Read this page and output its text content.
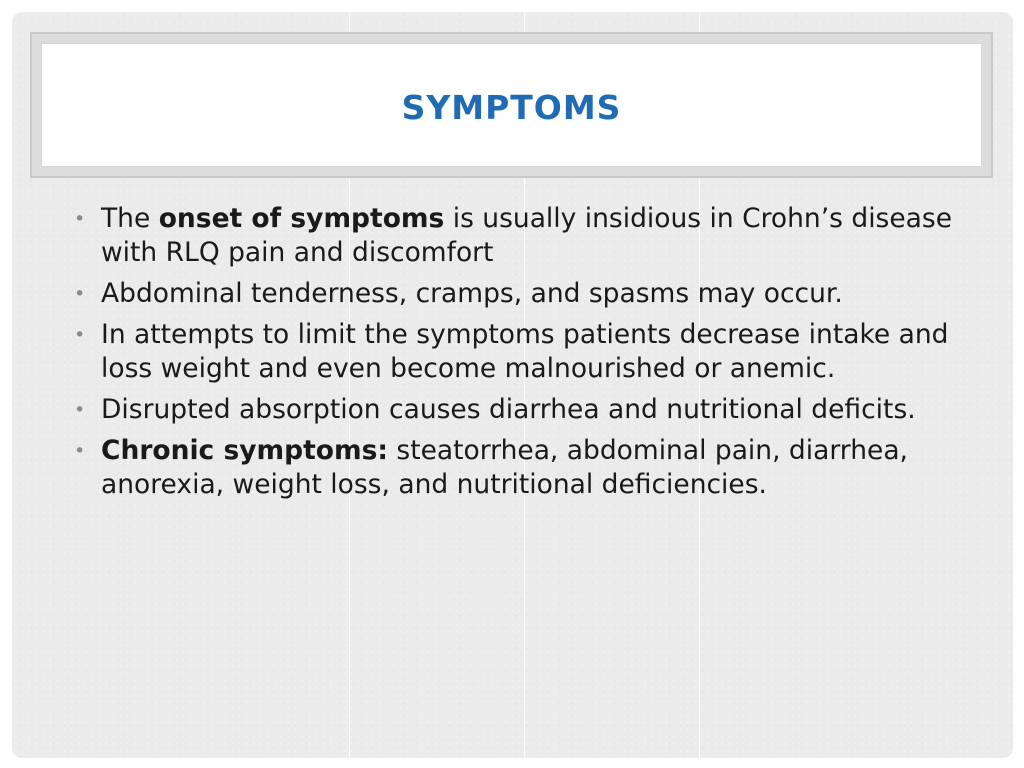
SYMPTOMS
• The onset of symptoms is usually insidious in Crohn’s disease with RLQ pain and discomfort
• Abdominal tenderness, cramps, and spasms may occur.
• In attempts to limit the symptoms patients decrease intake and loss weight and even become malnourished or anemic.
• Disrupted absorption causes diarrhea and nutritional deficits.
• Chronic symptoms: steatorrhea, abdominal pain, diarrhea, anorexia, weight loss, and nutritional deficiencies.
